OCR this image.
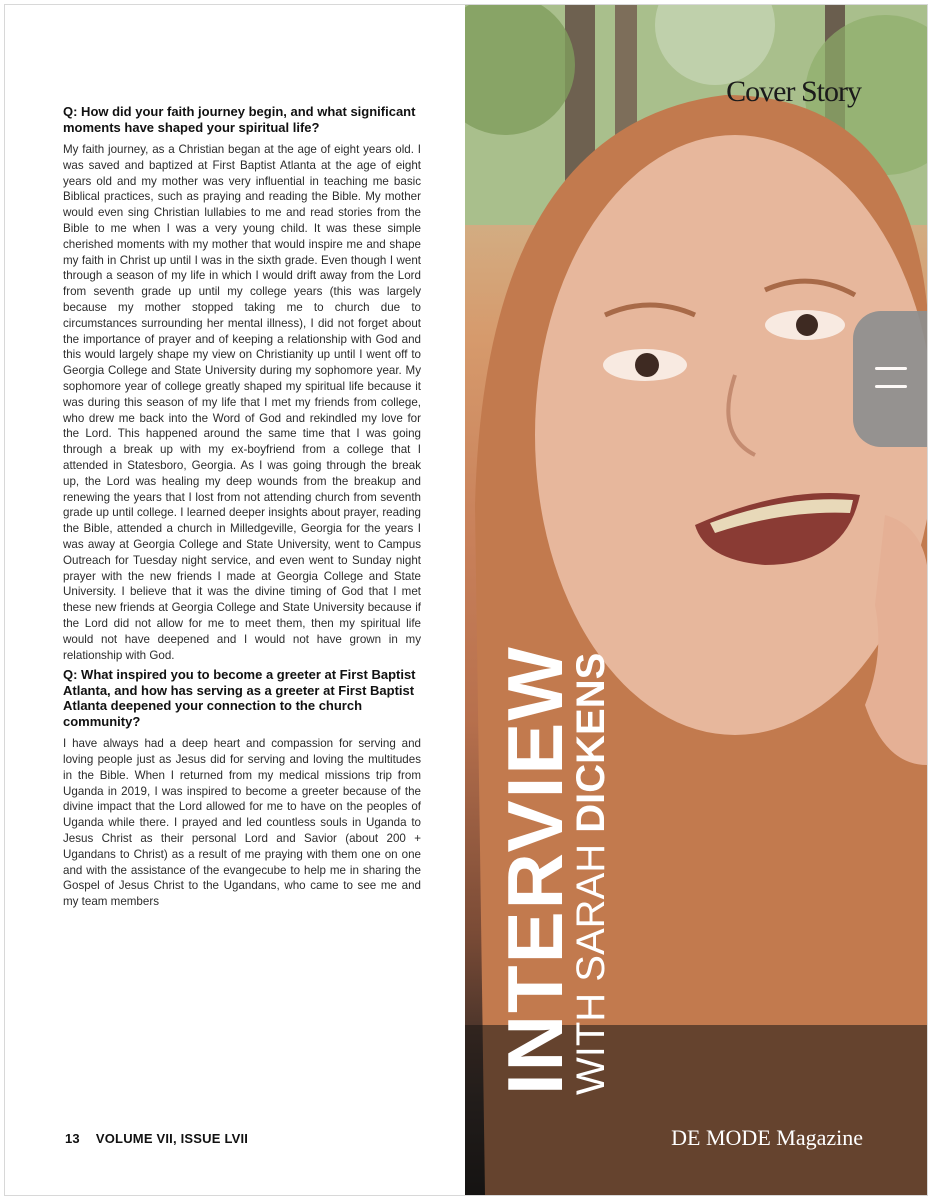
Q: How did your faith journey begin, and what significant moments have shaped your spiritual life?

My faith journey, as a Christian began at the age of eight years old. I was saved and baptized at First Baptist Atlanta at the age of eight years old and my mother was very influential in teaching me basic Biblical practices, such as praying and reading the Bible. My mother would even sing Christian lullabies to me and read stories from the Bible to me when I was a very young child. It was these simple cherished moments with my mother that would inspire me and shape my faith in Christ up until I was in the sixth grade. Even though I went through a season of my life in which I would drift away from the Lord from seventh grade up until my college years (this was largely because my mother stopped taking me to church due to circumstances surrounding her mental illness), I did not forget about the importance of prayer and of keeping a relationship with God and this would largely shape my view on Christianity up until I went off to Georgia College and State University during my sophomore year. My sophomore year of college greatly shaped my spiritual life because it was during this season of my life that I met my friends from college, who drew me back into the Word of God and rekindled my love for the Lord. This happened around the same time that I was going through a break up with my ex-boyfriend from a college that I attended in Statesboro, Georgia. As I was going through the break up, the Lord was healing my deep wounds from the breakup and renewing the years that I lost from not attending church from seventh grade up until college. I learned deeper insights about prayer, reading the Bible, attended a church in Milledgeville, Georgia for the years I was away at Georgia College and State University, went to Campus Outreach for Tuesday night service, and even went to Sunday night prayer with the new friends I made at Georgia College and State University. I believe that it was the divine timing of God that I met these new friends at Georgia College and State University because if the Lord did not allow for me to meet them, then my spiritual life would not have deepened and I would not have grown in my relationship with God.

Q: What inspired you to become a greeter at First Baptist Atlanta, and how has serving as a greeter at First Baptist Atlanta deepened your connection to the church community?

I have always had a deep heart and compassion for serving and loving people just as Jesus did for serving and loving the multitudes in the Bible. When I returned from my medical missions trip from Uganda in 2019, I was inspired to become a greeter because of the divine impact that the Lord allowed for me to have on the peoples of Uganda while there. I prayed and led countless souls in Uganda to Jesus Christ as their personal Lord and Savior (about 200 + Ugandans to Christ) as a result of me praying with them one on one and with the assistance of the evangecube to help me in sharing the Gospel of Jesus Christ to the Ugandans, who came to see me and my team members

13 VOLUME VII, ISSUE LVII
Cover Story
INTERVIEW
WITH SARAH DICKENS
DE MODE Magazine
